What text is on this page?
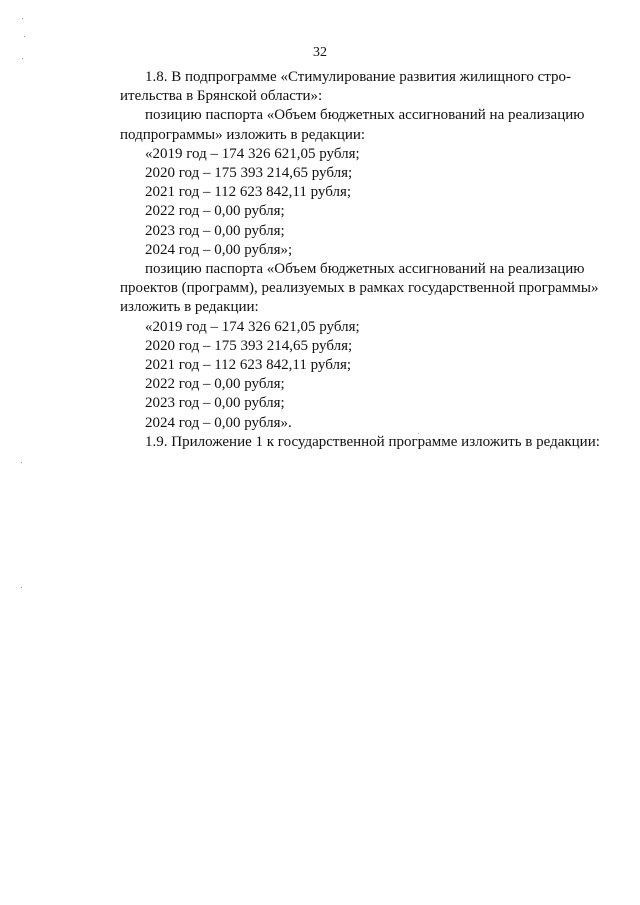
32

1.8. В подпрограмме «Стимулирование развития жилищного стро-

ительства в Брянской области»:

позицию паспорта «Объем бюджетных ассигнований на реализацию

подпрограммы» изложить в редакции:

«2019 год – 174 326 621,05 рубля;

2020 год – 175 393 214,65 рубля;

2021 год – 112 623 842,11 рубля;

2022 год – 0,00 рубля;

2023 год – 0,00 рубля;

2024 год – 0,00 рубля»;

позицию паспорта «Объем бюджетных ассигнований на реализацию

проектов (программ), реализуемых в рамках государственной программы»

изложить в редакции:

«2019 год – 174 326 621,05 рубля;

2020 год – 175 393 214,65 рубля;

2021 год – 112 623 842,11 рубля;

2022 год – 0,00 рубля;

2023 год – 0,00 рубля;

2024 год – 0,00 рубля».

1.9. Приложение 1 к государственной программе изложить в редакции:
